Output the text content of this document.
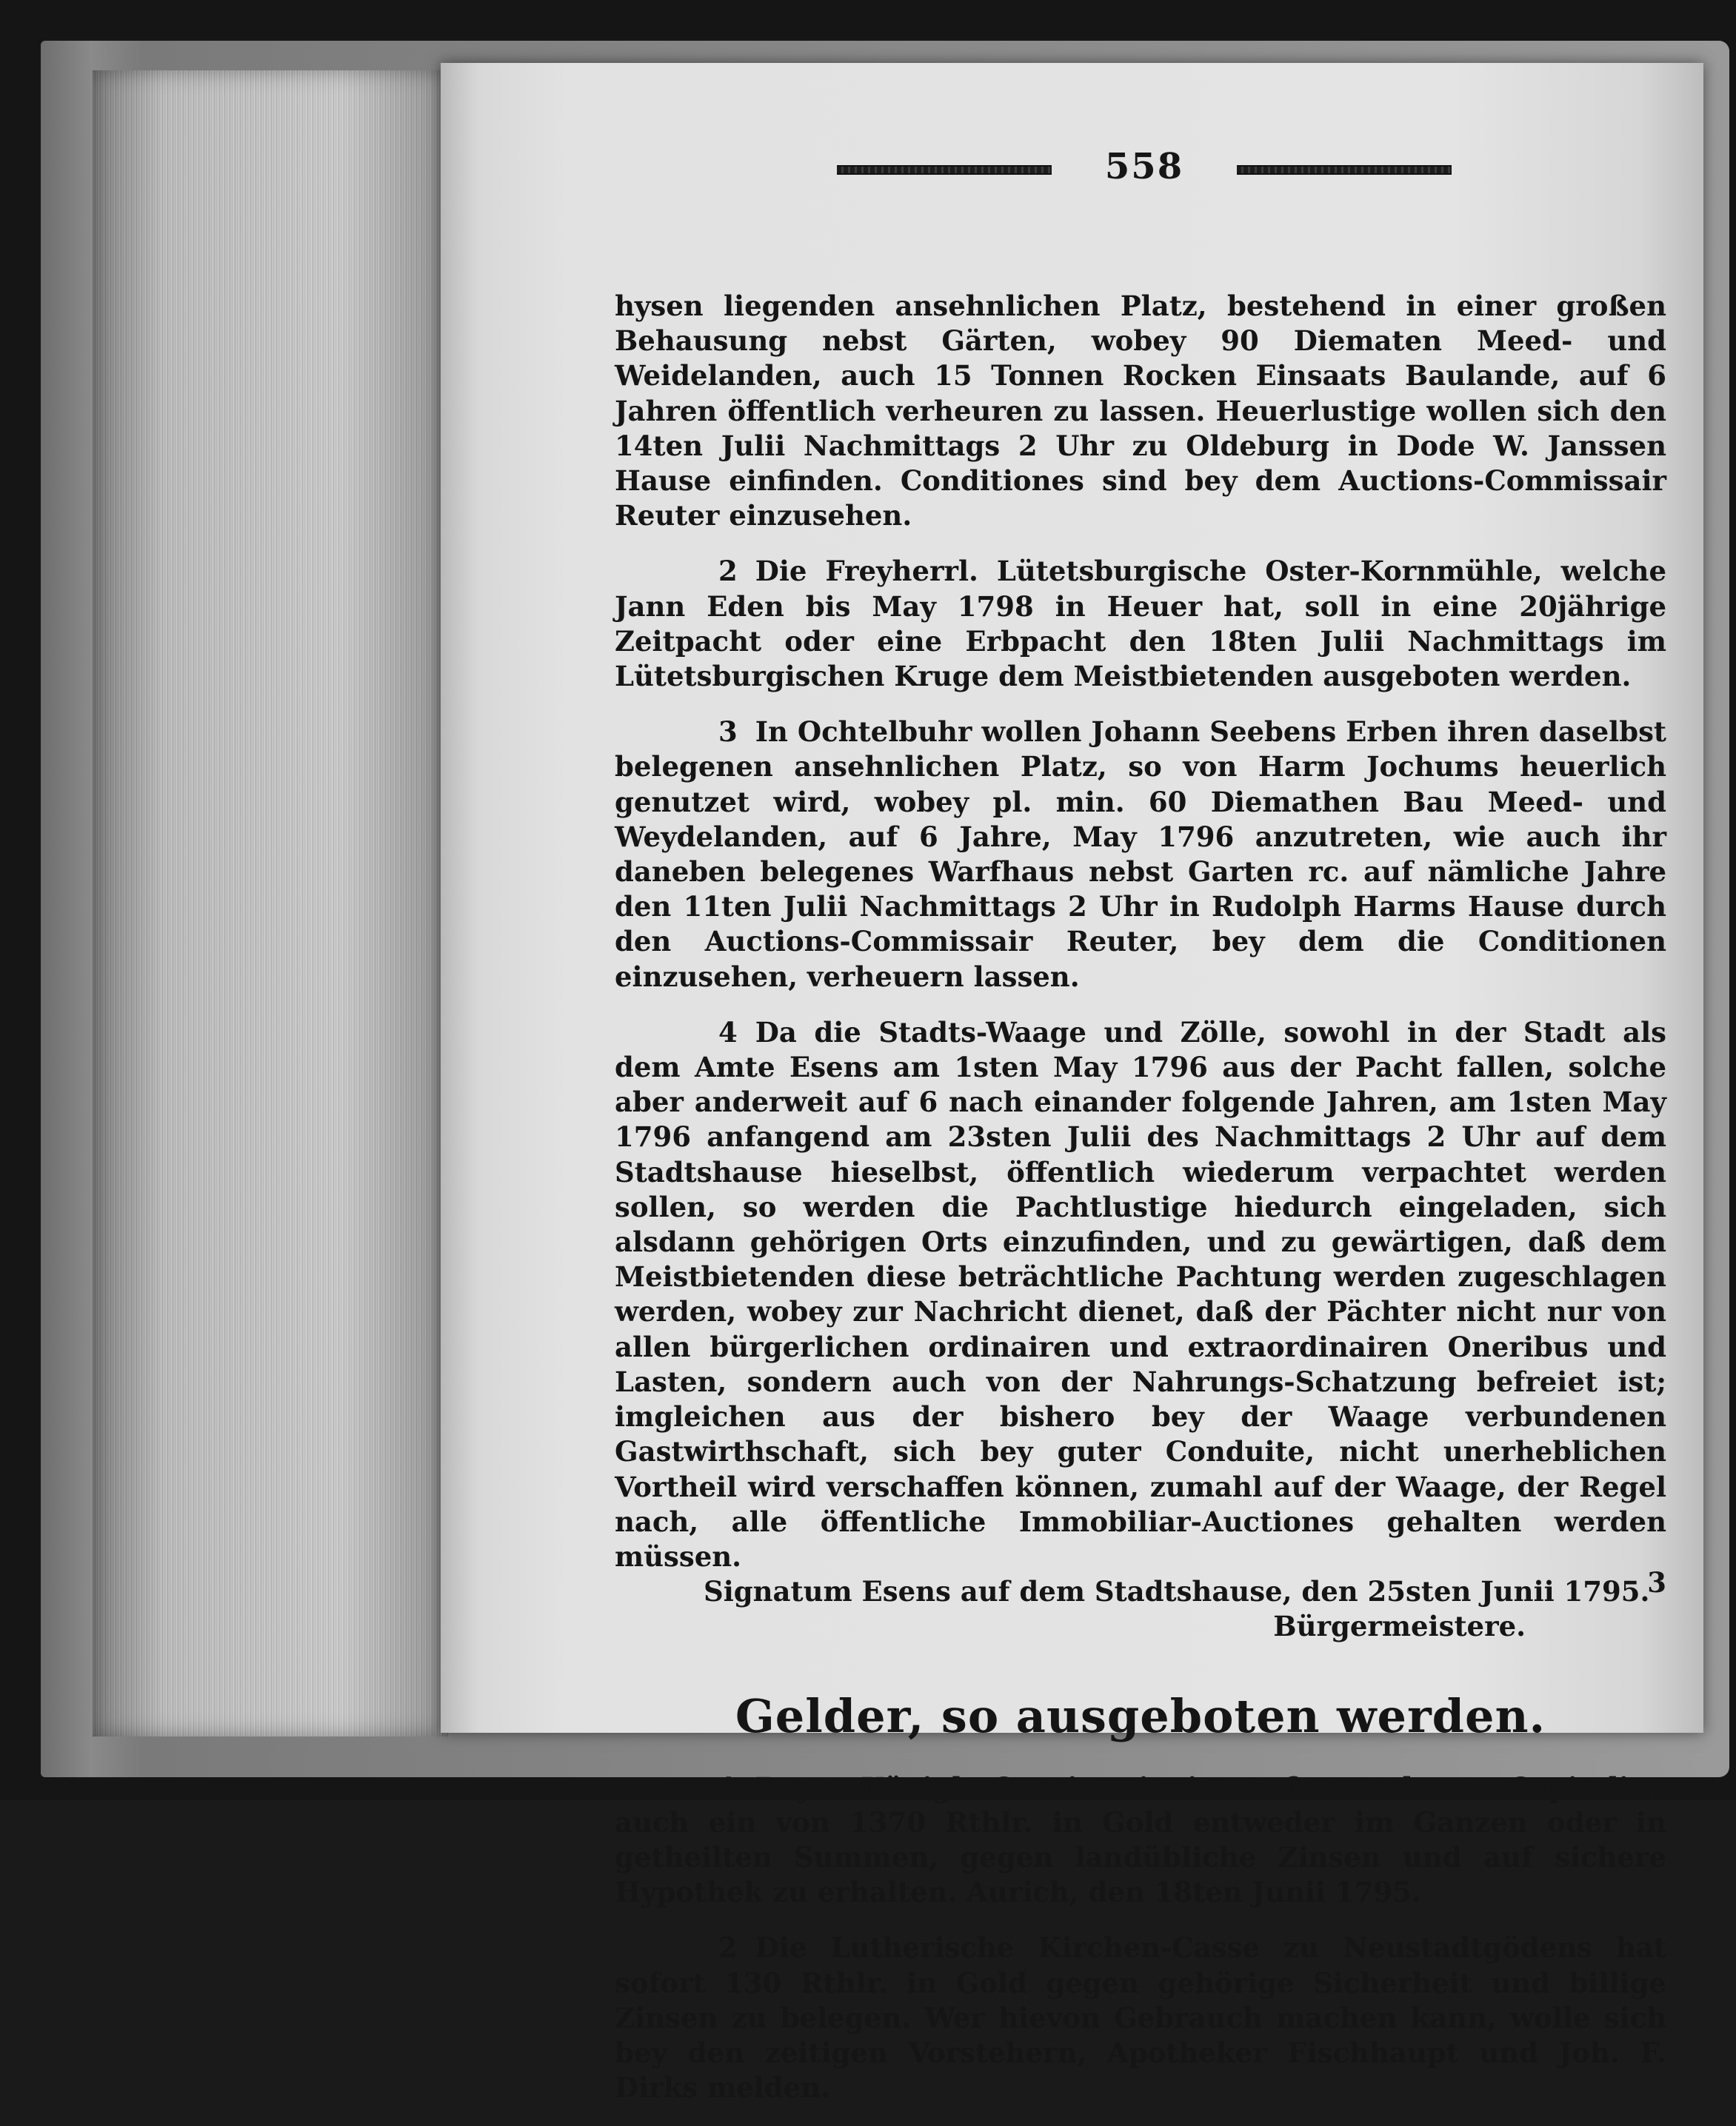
558

hysen liegenden ansehnlichen Platz, bestehend in einer großen Behausung nebst Gärten, wobey 90 Diematen Meed- und Weidelanden, auch 15 Tonnen Rocken Einsaats Baulande, auf 6 Jahren öffentlich verheuren zu lassen. Heuerlustige wollen sich den 14ten Julii Nachmittags 2 Uhr zu Oldeburg in Dode W. Janssen Hause einfinden. Conditiones sind bey dem Auctions-Commissair Reuter einzusehen.

2 Die Freyherrl. Lütetsburgische Oster-Kornmühle, welche Jann Eden bis May 1798 in Heuer hat, soll in eine 20jährige Zeitpacht oder eine Erbpacht den 18ten Julii Nachmittags im Lütetsburgischen Kruge dem Meistbietenden ausgeboten werden.

3 In Ochtelbuhr wollen Johann Seebens Erben ihren daselbst belegenen ansehnlichen Platz, so von Harm Jochums heuerlich genutzet wird, wobey pl. min. 60 Diemathen Bau Meed- und Weydelanden, auf 6 Jahre, May 1796 anzutreten, wie auch ihr daneben belegenes Warfhaus nebst Garten rc. auf nämliche Jahre den 11ten Julii Nachmittags 2 Uhr in Rudolph Harms Hause durch den Auctions-Commissair Reuter, bey dem die Conditionen einzusehen, verheuern lassen.

4 Da die Stadts-Waage und Zölle, sowohl in der Stadt als dem Amte Esens am 1sten May 1796 aus der Pacht fallen, solche aber anderweit auf 6 nach einander folgende Jahren, am 1sten May 1796 anfangend am 23sten Julii des Nachmittags 2 Uhr auf dem Stadtshause hieselbst, öffentlich wiederum verpachtet werden sollen, so werden die Pachtlustige hiedurch eingeladen, sich alsdann gehörigen Orts einzufinden, und zu gewärtigen, daß dem Meistbietenden diese beträchtliche Pachtung werden zugeschlagen werden, wobey zur Nachricht dienet, daß der Pächter nicht nur von allen bürgerlichen ordinairen und extraordinairen Oneribus und Lasten, sondern auch von der Nahrungs-Schatzung befreiet ist; imgleichen aus der bishero bey der Waage verbundenen Gastwirthschaft, sich bey guter Conduite, nicht unerheblichen Vortheil wird verschaffen können, zumahl auf der Waage, der Regel nach, alle öffentliche Immobiliar-Auctiones gehalten werden müssen.

Signatum Esens auf dem Stadtshause, den 25sten Junii 1795.

Bürgermeistere.

Gelder, so ausgeboten werden.

1 Beym Königl. Consistorio ist außer mehrern Capitalien auch ein von 1370 Rthlr. in Gold entweder im Ganzen oder in getheilten Summen, gegen landübliche Zinsen und auf sichere Hypothek zu erhalten. Aurich, den 18ten Junii 1795.

2 Die Lutherische Kirchen-Casse zu Neustadtgödens hat sofort 130 Rthlr. in Gold gegen gehörige Sicherheit und billige Zinsen zu belegen. Wer hievon Gebrauch machen kann, wolle sich bey den zeitigen Vorstehern, Apotheker Fischhaupt und Joh. F. Dirks melden.

3
